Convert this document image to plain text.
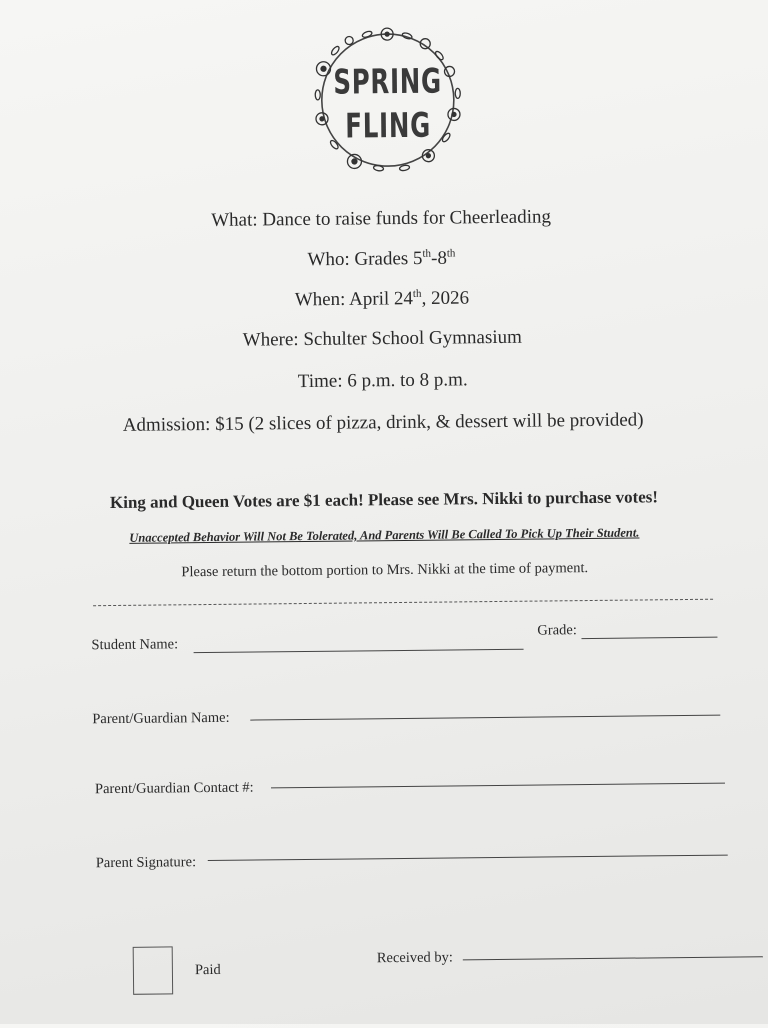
SPRING
FLING
What: Dance to raise funds for Cheerleading
Who: Grades 5th-8th
When: April 24th, 2026
Where: Schulter School Gymnasium
Time: 6 p.m. to 8 p.m.
Admission: $15 (2 slices of pizza, drink, & dessert will be provided)
King and Queen Votes are $1 each! Please see Mrs. Nikki to purchase votes!
Unaccepted Behavior Will Not Be Tolerated, And Parents Will Be Called To Pick Up Their Student.
Please return the bottom portion to Mrs. Nikki at the time of payment.
Student Name:
Grade:
Parent/Guardian Name:
Parent/Guardian Contact #:
Parent Signature:
Paid
Received by:
